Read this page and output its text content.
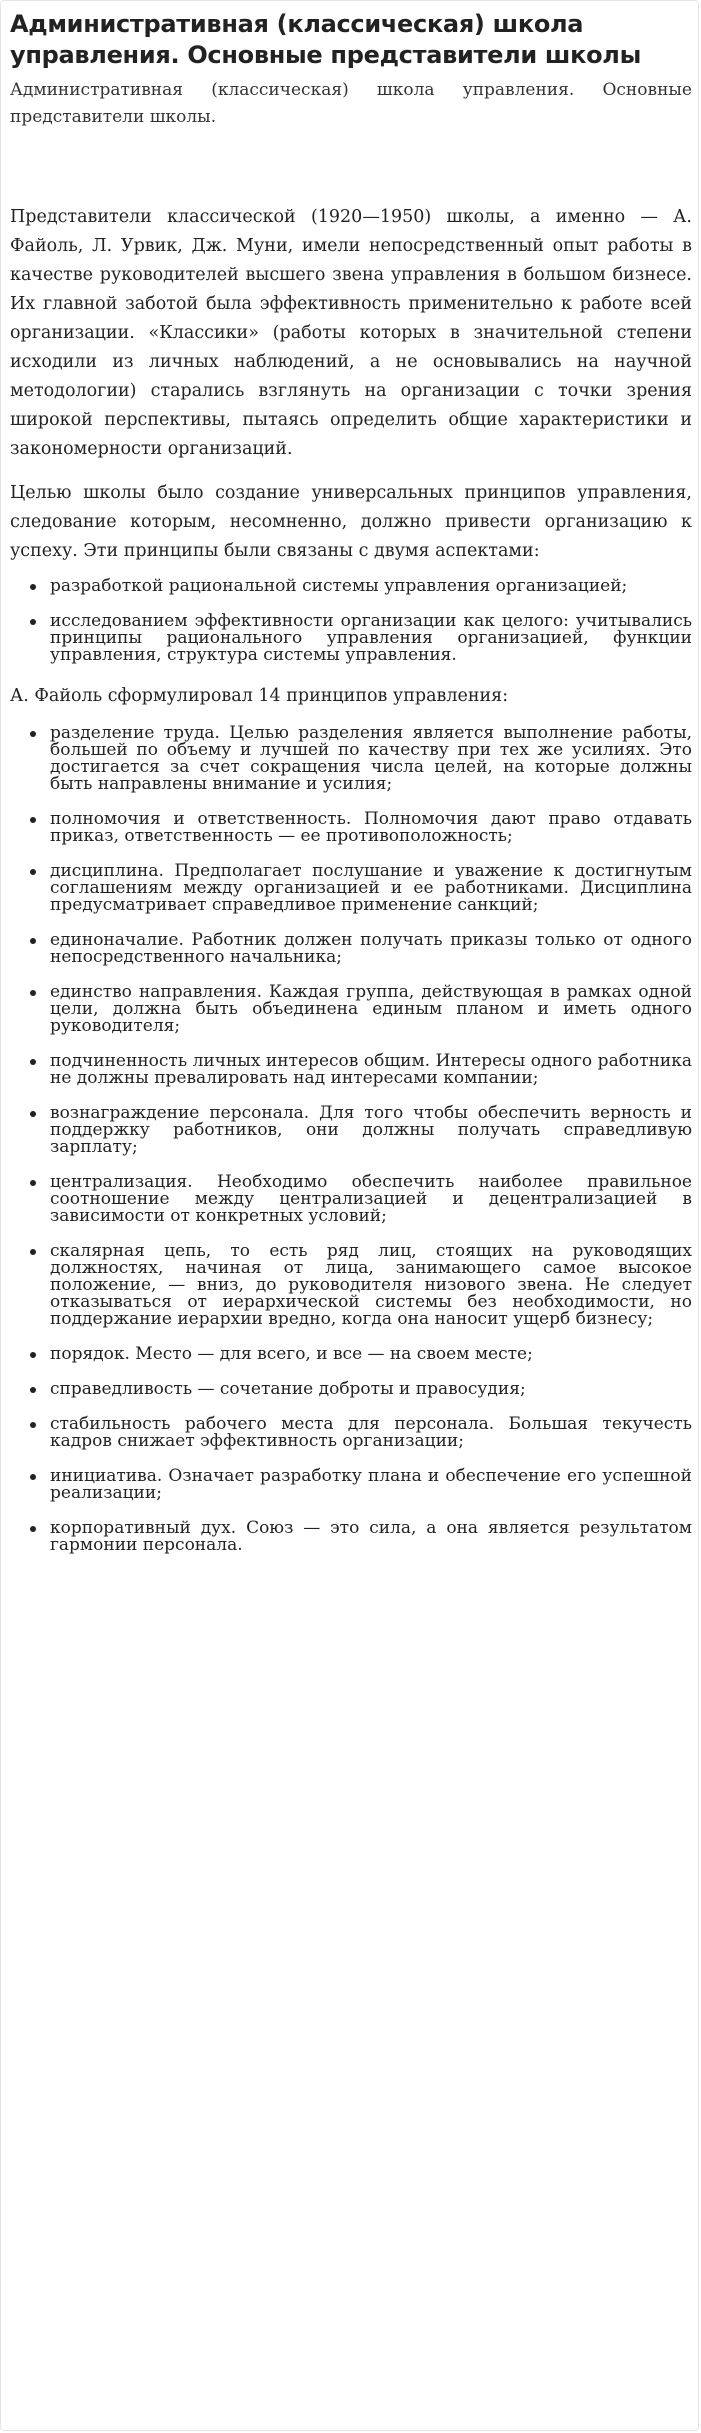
Административная (классическая) школа управления. Основные представители школы

Административная (классическая) школа управления. Основные представители школы.

Представители классической (1920—1950) школы, а именно — А. Файоль, Л. Урвик, Дж. Муни, имели непосредственный опыт работы в качестве руководителей высшего звена управления в большом бизнесе. Их главной заботой была эффективность применительно к работе всей организации. «Классики» (работы которых в значительной степени исходили из личных наблюдений, а не основывались на научной методологии) старались взглянуть на организации с точки зрения широкой перспективы, пытаясь определить общие характеристики и закономерности организаций.

Целью школы было создание универсальных принципов управления, следование которым, несомненно, должно привести организацию к успеху. Эти принципы были связаны с двумя аспектами:

разработкой рациональной системы управления организацией;
исследованием эффективности организации как целого: учитывались принципы рационального управления организацией, функции управления, структура системы управления.

А. Файоль сформулировал 14 принципов управления:

разделение труда. Целью разделения является выполнение работы, большей по объему и лучшей по качеству при тех же усилиях. Это достигается за счет сокращения числа целей, на которые должны быть направлены внимание и усилия;
полномочия и ответственность. Полномочия дают право отдавать приказ, ответственность — ее противоположность;
дисциплина. Предполагает послушание и уважение к достигнутым соглашениям между организацией и ее работниками. Дисциплина предусматривает справедливое применение санкций;
единоначалие. Работник должен получать приказы только от одного непосредственного начальника;
единство направления. Каждая группа, действующая в рамках одной цели, должна быть объединена единым планом и иметь одного руководителя;
подчиненность личных интересов общим. Интересы одного работника не должны превалировать над интересами компании;
вознаграждение персонала. Для того чтобы обеспечить верность и поддержку работников, они должны получать справедливую зарплату;
централизация. Необходимо обеспечить наиболее правильное соотношение между централизацией и децентрализацией в зависимости от конкретных условий;
скалярная цепь, то есть ряд лиц, стоящих на руководящих должностях, начиная от лица, занимающего самое высокое положение, — вниз, до руководителя низового звена. Не следует отказываться от иерархической системы без необходимости, но поддержание иерархии вредно, когда она наносит ущерб бизнесу;
порядок. Место — для всего, и все — на своем месте;
справедливость — сочетание доброты и правосудия;
стабильность рабочего места для персонала. Большая текучесть кадров снижает эффективность организации;
инициатива. Означает разработку плана и обеспечение его успешной реализации;
корпоративный дух. Союз — это сила, а она является результатом гармонии персонала.
